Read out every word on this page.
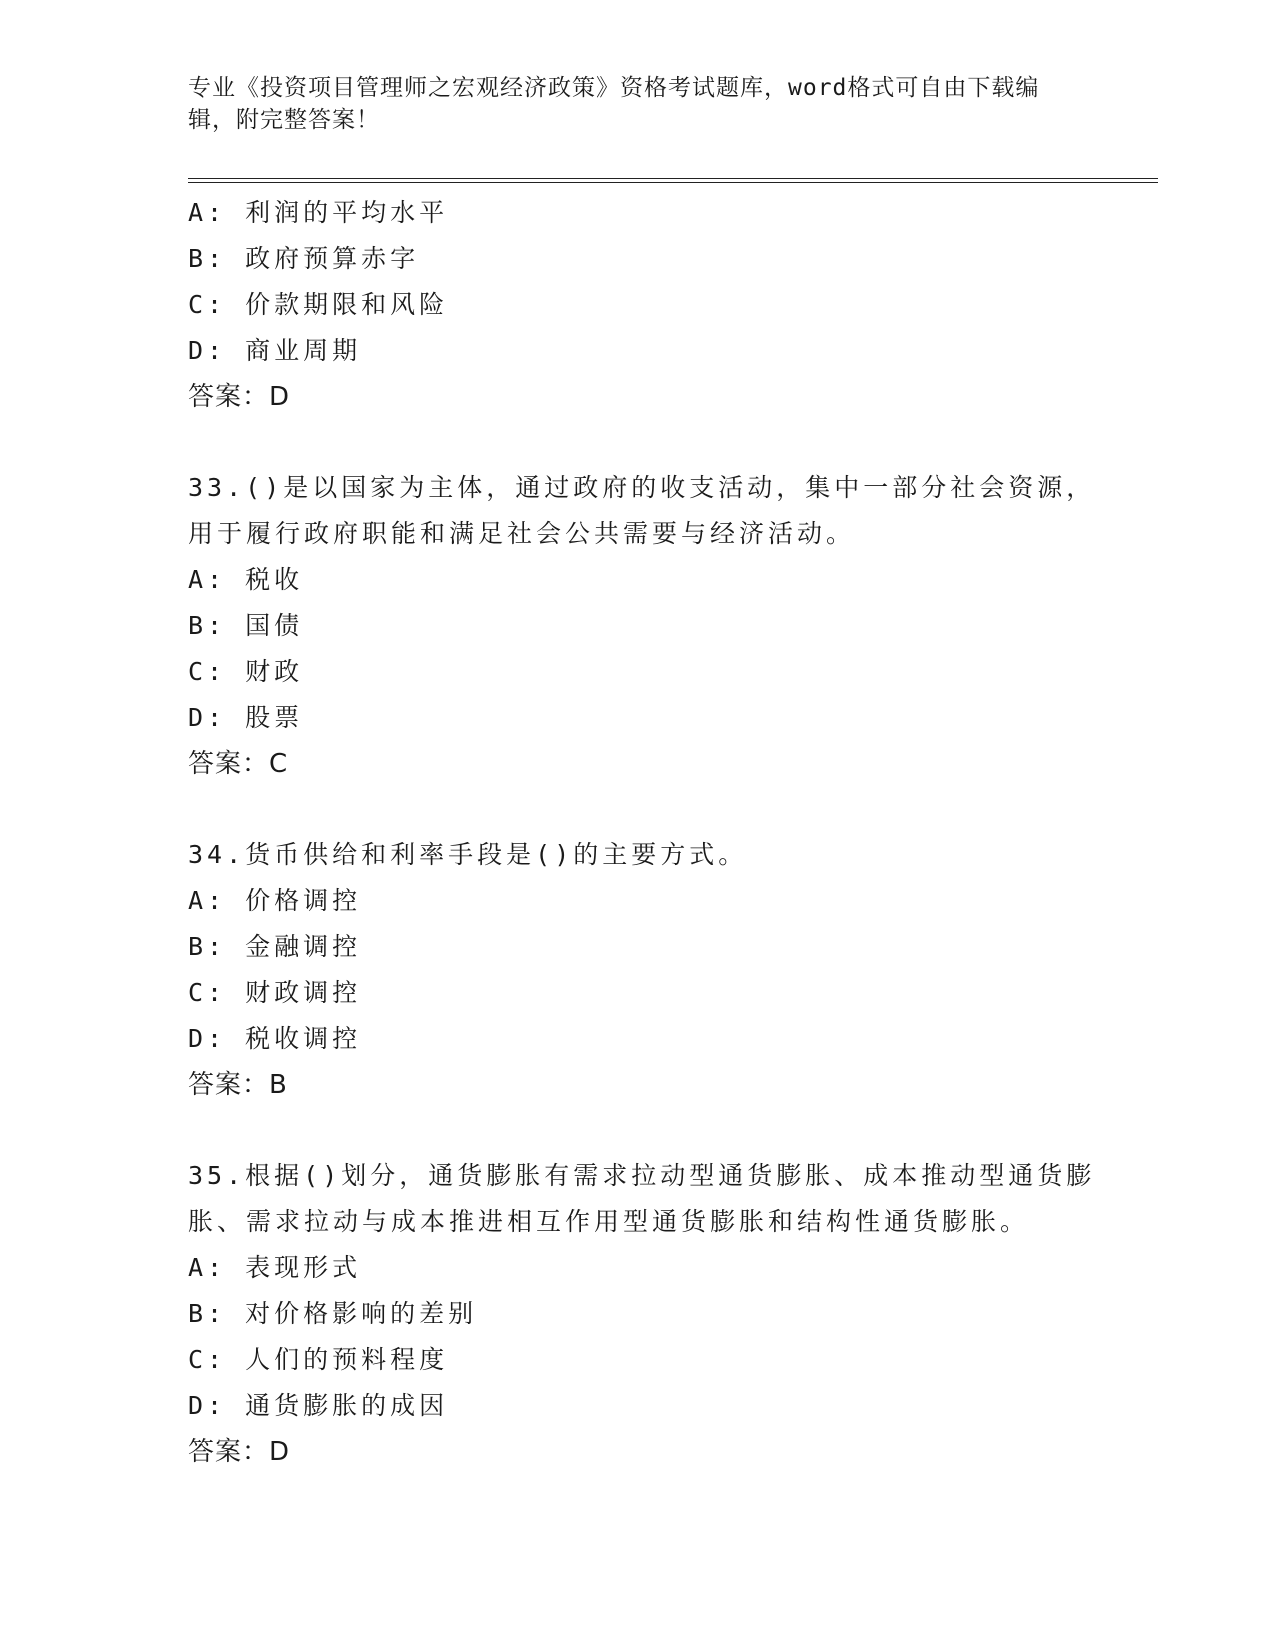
专业《投资项目管理师之宏观经济政策》资格考试题库，word格式可自由下载编
辑，附完整答案！
A: 利润的平均水平
B: 政府预算赤字
C: 价款期限和风险
D: 商业周期
答案：D
33.()是以国家为主体，通过政府的收支活动，集中一部分社会资源，
用于履行政府职能和满足社会公共需要与经济活动。
A: 税收
B: 国债
C: 财政
D: 股票
答案：C
34.货币供给和利率手段是()的主要方式。
A: 价格调控
B: 金融调控
C: 财政调控
D: 税收调控
答案：B
35.根据()划分，通货膨胀有需求拉动型通货膨胀、成本推动型通货膨
胀、需求拉动与成本推进相互作用型通货膨胀和结构性通货膨胀。
A: 表现形式
B: 对价格影响的差别
C: 人们的预料程度
D: 通货膨胀的成因
答案：D
